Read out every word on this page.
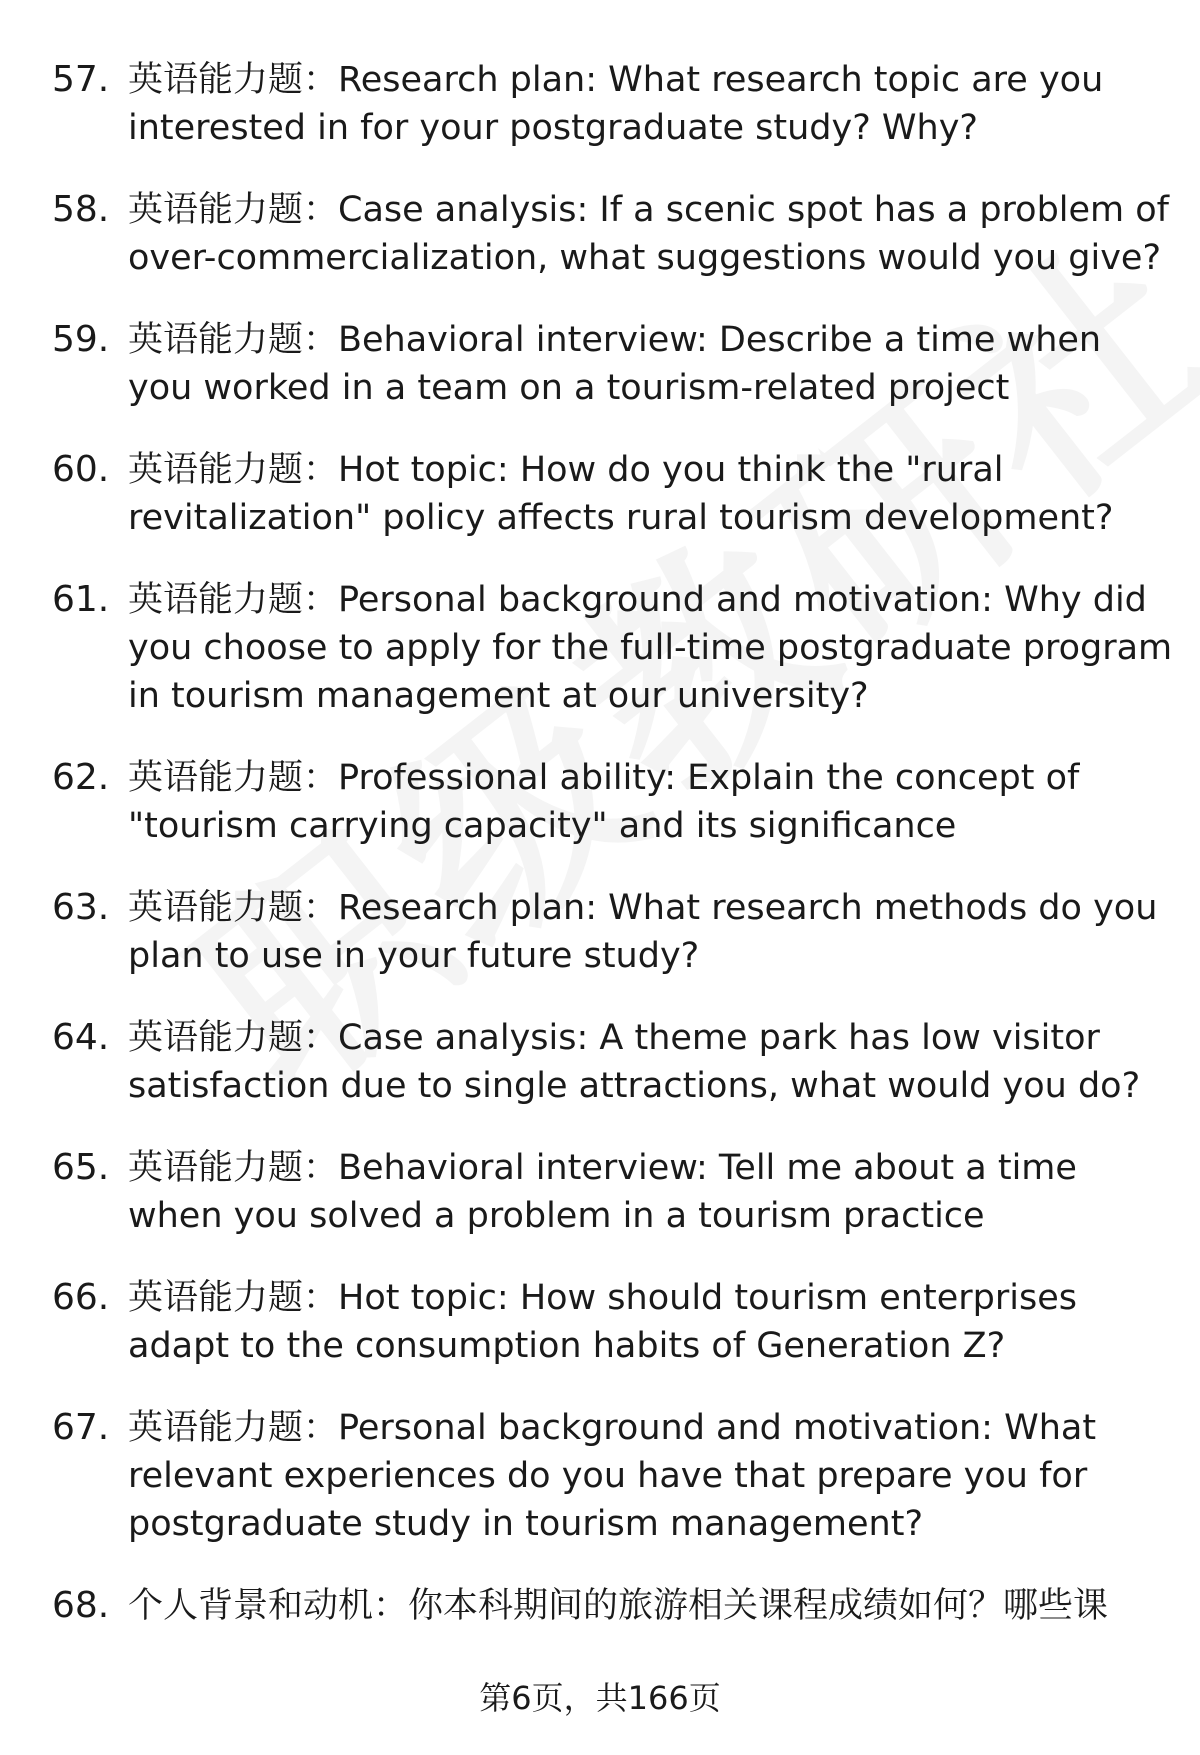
57. 英语能力题：Research plan: What research topic are you interested in for your postgraduate study? Why?
58. 英语能力题：Case analysis: If a scenic spot has a problem of over-commercialization, what suggestions would you give?
59. 英语能力题：Behavioral interview: Describe a time when you worked in a team on a tourism-related project
60. 英语能力题：Hot topic: How do you think the "rural revitalization" policy affects rural tourism development?
61. 英语能力题：Personal background and motivation: Why did you choose to apply for the full-time postgraduate program in tourism management at our university?
62. 英语能力题：Professional ability: Explain the concept of "tourism carrying capacity" and its significance
63. 英语能力题：Research plan: What research methods do you plan to use in your future study?
64. 英语能力题：Case analysis: A theme park has low visitor satisfaction due to single attractions, what would you do?
65. 英语能力题：Behavioral interview: Tell me about a time when you solved a problem in a tourism practice
66. 英语能力题：Hot topic: How should tourism enterprises adapt to the consumption habits of Generation Z?
67. 英语能力题：Personal background and motivation: What relevant experiences do you have that prepare you for postgraduate study in tourism management?
68. 个人背景和动机：你本科期间的旅游相关课程成绩如何？哪些课
第6页，共166页
